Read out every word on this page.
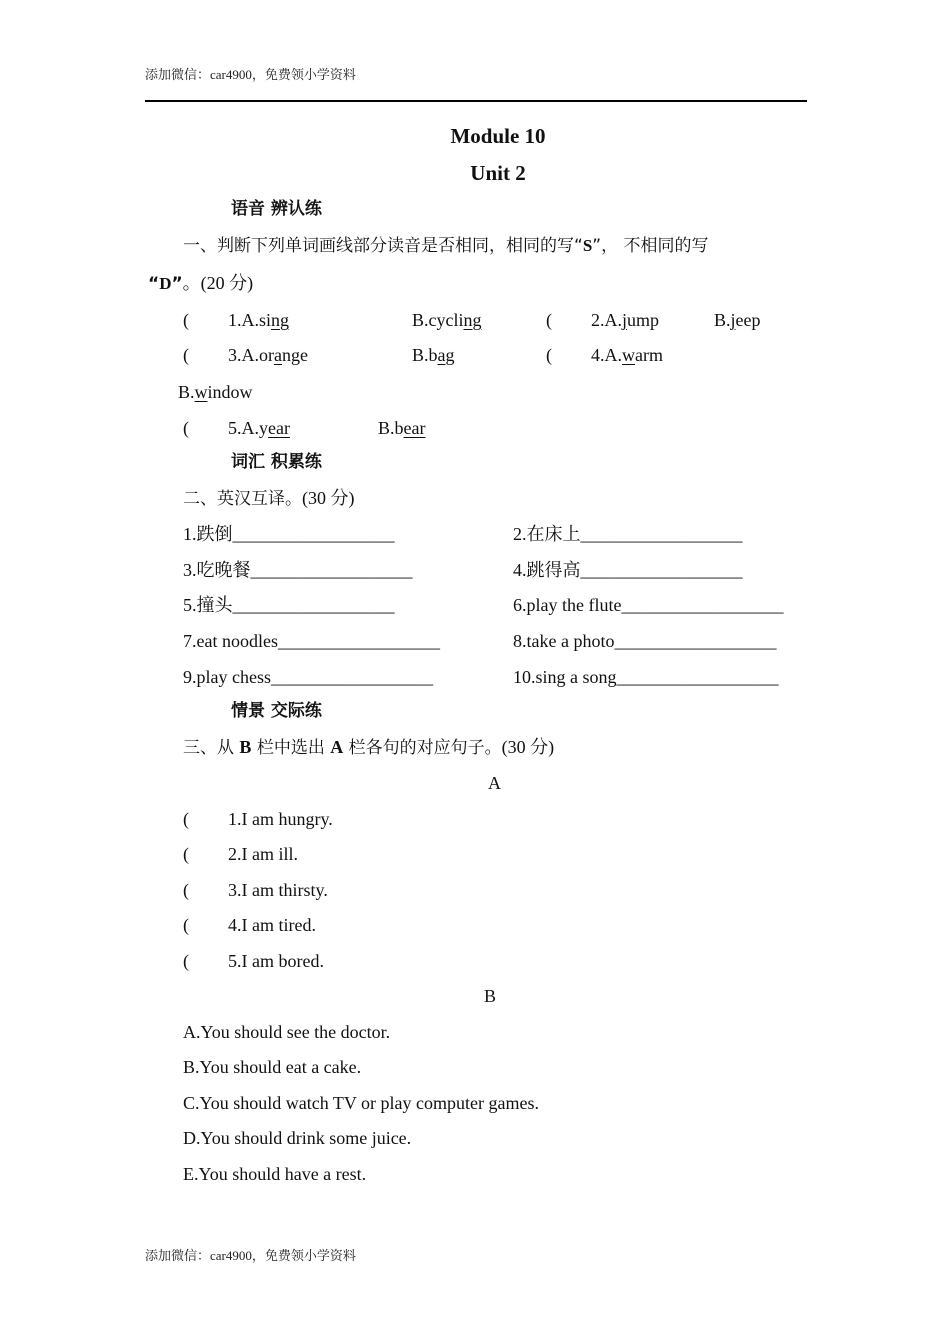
添加微信：car4900，免费领小学资料
Module 10
Unit 2
语音 辨认练
一、判断下列单词画线部分读音是否相同，相同的写“S”， 不相同的写
“D”。(20 分)
( 1.A.sing	B.cycling	( 2.A.jump	B.jeep
( 3.A.orange	B.bag	( 4.A.warm
B.window
( 5.A.year	B.bear
词汇 积累练
二、英汉互译。(30 分)
1.跌倒__________________	2.在床上__________________
3.吃晚餐__________________	4.跳得高__________________
5.撞头__________________	6.play the flute__________________
7.eat noodles__________________	8.take a photo__________________
9.play chess__________________	10.sing a song__________________
情景 交际练
三、从 B 栏中选出 A 栏各句的对应句子。(30 分)
A
( 1.I am hungry.
( 2.I am ill.
( 3.I am thirsty.
( 4.I am tired.
( 5.I am bored.
B
A.You should see the doctor.
B.You should eat a cake.
C.You should watch TV or play computer games.
D.You should drink some juice.
E.You should have a rest.
添加微信：car4900，免费领小学资料
